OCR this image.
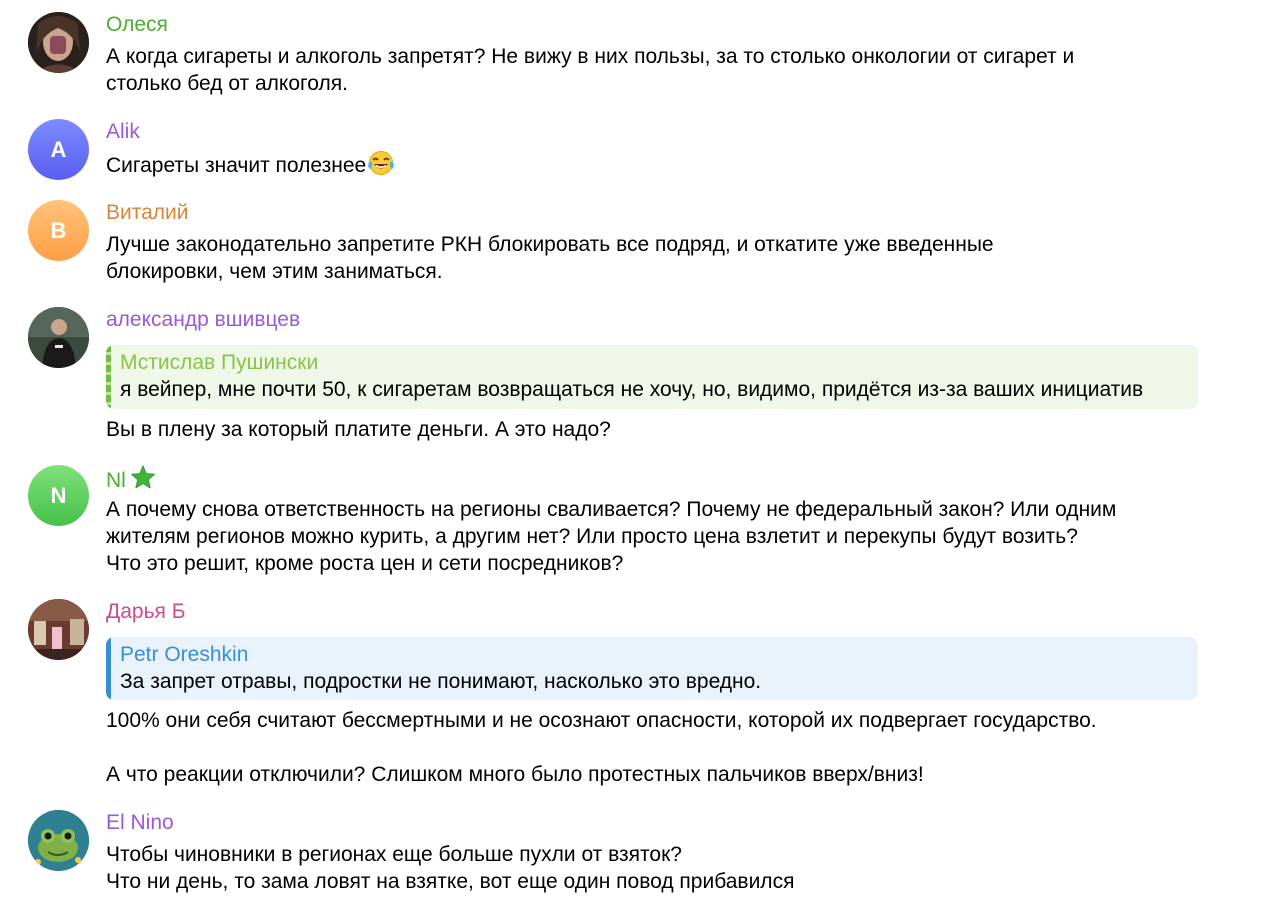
Олеся
А когда сигареты и алкоголь запретят? Не вижу в них пользы, за то столько онкологии от сигарет и
столько бед от алкоголя.
A
Alik
Сигареты значит полезнее
B
Виталий
Лучше законодательно запретите РКН блокировать все подряд, и откатите уже введенные
блокировки, чем этим заниматься.
александр вшивцев
Мстислав Пушински
я вейпер, мне почти 50, к сигаретам возвращаться не хочу, но, видимо, придётся из-за ваших инициатив
Вы в плену за который платите деньги. А это надо?
N
Nl
А почему снова ответственность на регионы сваливается? Почему не федеральный закон? Или одним
жителям регионов можно курить, а другим нет? Или просто цена взлетит и перекупы будут возить?
Что это решит, кроме роста цен и сети посредников?
Дарья Б
Petr Oreshkin
За запрет отравы, подростки не понимают, насколько это вредно.
100% они себя считают бессмертными и не осознают опасности, которой их подвергает государство.

А что реакции отключили? Слишком много было протестных пальчиков вверх/вниз!
El Nino
Чтобы чиновники в регионах еще больше пухли от взяток?
Что ни день, то зама ловят на взятке, вот еще один повод прибавился
